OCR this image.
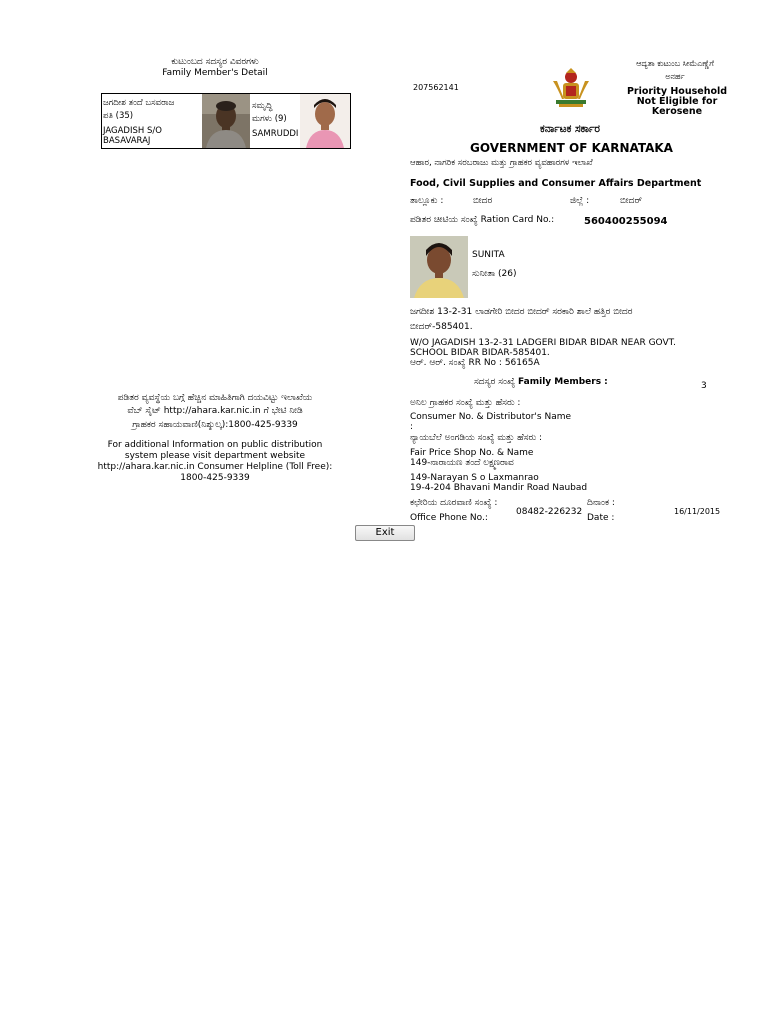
ಕುಟುಂಬದ ಸದಸ್ಯರ ವಿವರಗಳು
Family Member's Detail
ಜಗದೀಶ ತಂದೆ ಬಸವರಾಜ
ಪತಿ (35)
JAGADISH S/O
BASAVARAJ
ಸಮೃದ್ಧಿ
ಮಗಳು (9)
SAMRUDDI
ಪಡಿತರ ವ್ಯವಸ್ಥೆಯ ಬಗ್ಗೆ ಹೆಚ್ಚಿನ ಮಾಹಿತಿಗಾಗಿ ದಯವಿಟ್ಟು ಇಲಾಖೆಯ
ವೆಬ್ ಸೈಟ್ http://ahara.kar.nic.in ಗೆ ಭೇಟಿ ನೀಡಿ
ಗ್ರಾಹಕರ ಸಹಾಯವಾಣಿ(ನಿಶ್ಶುಲ್ಕ):1800-425-9339
For additional Information on public distribution system please visit department website http://ahara.kar.nic.in Consumer Helpline (Toll Free): 1800-425-9339
207562141
ಆದ್ಯತಾ ಕುಟುಂಬ ಸೀಮೆಎಣ್ಣೆಗೆ
ಅನರ್ಹ
Priority Household Not Eligible for Kerosene
ಕರ್ನಾಟಕ ಸರ್ಕಾರ
GOVERNMENT OF KARNATAKA
ಆಹಾರ, ನಾಗರಿಕ ಸರಬರಾಜು ಮತ್ತು ಗ್ರಾಹಕರ ವ್ಯವಹಾರಗಳ ಇಲಾಖೆ
Food, Civil Supplies and Consumer Affairs Department
ತಾಲ್ಲೂಕು :	ಬೀದರ	ಜಿಲ್ಲೆ :	ಬೀದರ್
ಪಡಿತರ ಚೀಟಿಯ ಸಂಖ್ಯೆ Ration Card No.:	560400255094
SUNITA
ಸುನೀತಾ (26)
ಜಗದೀಶ 13-2-31 ಲಾಡಗೇರಿ ಬೀದರ ಬೀದರ್ ಸರಕಾರಿ ಶಾಲೆ ಹತ್ತಿರ ಬೀದರ
ಬೀದರ್-585401.
W/O JAGADISH 13-2-31 LADGERI BIDAR BIDAR NEAR GOVT.
SCHOOL BIDAR BIDAR-585401.
ಆರ್. ಆರ್. ಸಂಖ್ಯೆ RR No : 56165A
ಸದಸ್ಯರ ಸಂಖ್ಯೆ Family Members :	3
ಅನಿಲ ಗ್ರಾಹಕರ ಸಂಖ್ಯೆ ಮತ್ತು ಹೆಸರು :
Consumer No. & Distributor's Name
:
ನ್ಯಾಯಬೆಲೆ ಅಂಗಡಿಯ ಸಂಖ್ಯೆ ಮತ್ತು ಹೆಸರು :
Fair Price Shop No. & Name
149-ನಾರಾಯಣ ತಂದೆ ಲಕ್ಷ್ಮಣರಾವ
149-Narayan S o Laxmanrao
19-4-204 Bhavani Mandir Road Naubad
ಕಛೇರಿಯ ದೂರವಾಣಿ ಸಂಖ್ಯೆ :
Office Phone No.:
08482-226232
ದಿನಾಂಕ :
Date :
16/11/2015
Exit
